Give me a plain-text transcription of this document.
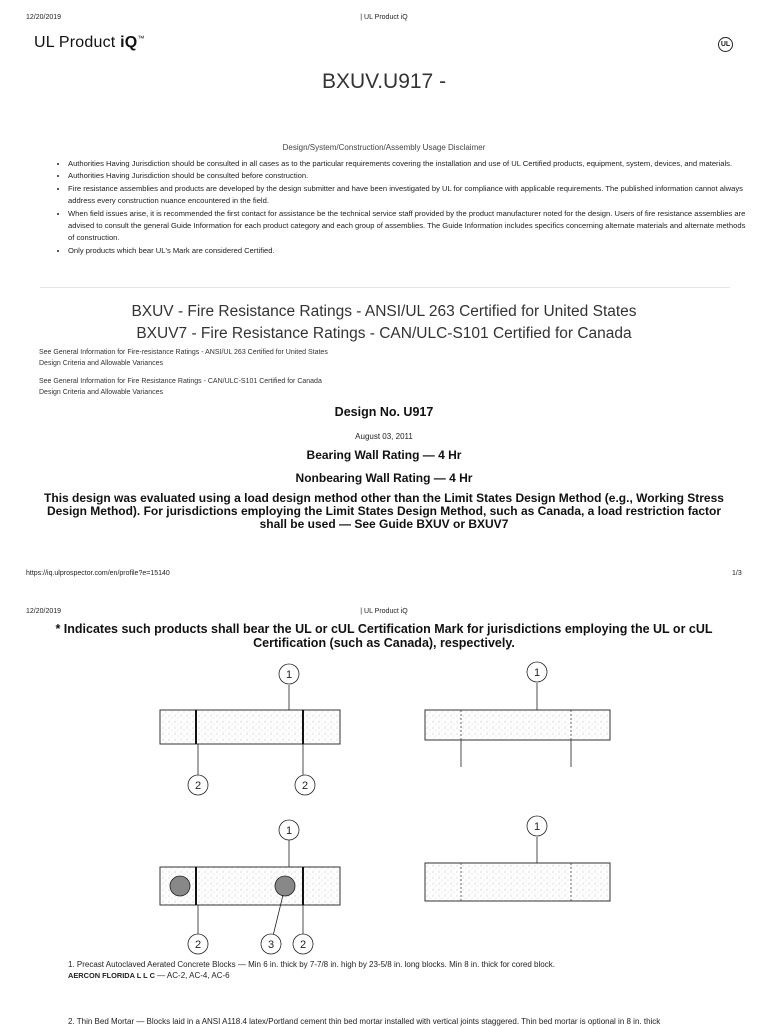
12/20/2019	| UL Product iQ
UL Product iQ™
UL
BXUV.U917 -
Design/System/Construction/Assembly Usage Disclaimer
• Authorities Having Jurisdiction should be consulted in all cases as to the particular requirements covering the installation and use of UL Certified products, equipment, system, devices, and materials.
• Authorities Having Jurisdiction should be consulted before construction.
• Fire resistance assemblies and products are developed by the design submitter and have been investigated by UL for compliance with applicable requirements. The published information cannot always address every construction nuance encountered in the field.
• When field issues arise, it is recommended the first contact for assistance be the technical service staff provided by the product manufacturer noted for the design. Users of fire resistance assemblies are advised to consult the general Guide Information for each product category and each group of assemblies. The Guide Information includes specifics concerning alternate materials and alternate methods of construction.
• Only products which bear UL's Mark are considered Certified.
BXUV - Fire Resistance Ratings - ANSI/UL 263 Certified for United States
BXUV7 - Fire Resistance Ratings - CAN/ULC-S101 Certified for Canada
See General Information for Fire-resistance Ratings - ANSI/UL 263 Certified for United States
Design Criteria and Allowable Variances
See General Information for Fire Resistance Ratings - CAN/ULC-S101 Certified for Canada
Design Criteria and Allowable Variances
Design No. U917
August 03, 2011
Bearing Wall Rating — 4 Hr
Nonbearing Wall Rating — 4 Hr
This design was evaluated using a load design method other than the Limit States Design Method (e.g., Working Stress Design Method). For jurisdictions employing the Limit States Design Method, such as Canada, a load restriction factor shall be used — See Guide BXUV or BXUV7
https://iq.ulprospector.com/en/profile?e=15140	1/3
12/20/2019	| UL Product iQ
* Indicates such products shall bear the UL or cUL Certification Mark for jurisdictions employing the UL or cUL Certification (such as Canada), respectively.
1
2	2
1
1
2	3 2
1
1. Precast Autoclaved Aerated Concrete Blocks — Min 6 in. thick by 7-7/8 in. high by 23-5/8 in. long blocks. Min 8 in. thick for cored block.
AERCON FLORIDA L L C — AC-2, AC-4, AC-6
2. Thin Bed Mortar — Blocks laid in a ANSI A118.4 latex/Portland cement thin bed mortar installed with vertical joints staggered. Thin bed mortar is optional in 8 in. thick
